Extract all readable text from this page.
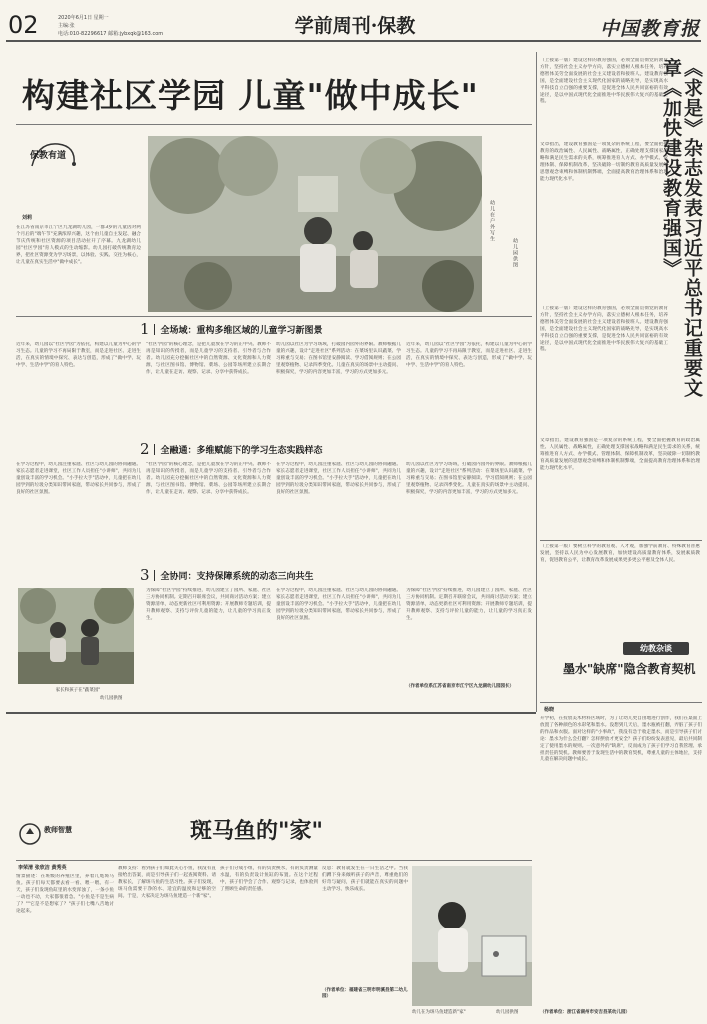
02	2020年6月1日 星期一
主编:张
电话:010-82296617 邮箱:jybxqk@163.com	学前周刊·保教	中国教育报
构建社区学园 儿童"做中成长"
保教有道
刘莉
在江苏省南京市江宁区九龙湖幼儿园，一群3岁的儿童因对两个月后的"端午节"充满浓厚兴趣，这个由儿童自主发起、融合节庆传统和社区资源的项目活动拉开了序幕。九龙湖幼儿园"社区学园"育人模式的生动缩影。幼儿园打破传统教育边界，把社区资源变为学习场景，以体验、实践、交往为核心，让儿童在真实生活中"做中成长"。
幼儿在户外写生
幼儿园供图
1 全场域：重构多维区域的儿童学习新图景
近年来，幼儿园以"社区学园"为依托，构建以儿童为中心的学习生态。儿童的学习不再局限于教室，而是走进社区、走进生活，在真实的情境中探究、表达与创造，形成了"做中学、玩中学、生活中学"的育人特色。
"社区学园"的核心理念，是把儿童放在学习的正中央。教师不再是知识的传授者，而是儿童学习的支持者、引导者与合作者。幼儿园充分挖掘社区中的自然资源、文化资源和人力资源，与社区图书馆、博物馆、菜场、公园等场所建立长期合作，让儿童在走访、观察、记录、分享中获得成长。
幼儿园以社区为学习场域，打破园内园外的界限。教师根据儿童的兴趣，设计"走进社区"系列活动：在菜场里认识蔬菜、学习称重与交易；在图书馆里安静阅读、学习借阅规则；在公园里观察植物、记录四季变化。儿童在真实的场景中主动提问、积极探究，学习的内容更加丰富，学习的方式更加多元。
近年来，幼儿园以"社区学园"为依托，构建以儿童为中心的学习生态。儿童的学习不再局限于教室，而是走进社区、走进生活，在真实的情境中探究、表达与创造，形成了"做中学、玩中学、生活中学"的育人特色。
2 全融通：多维赋能下的学习生态实践样态
在学习过程中，幼儿园注重家庭、社区与幼儿园的协同融通。家长志愿者走进课堂，社区工作人员担任"小讲师"，共同为儿童创设丰富的学习机会。"小手拉大手"活动中，儿童把在幼儿园学到的垃圾分类知识带回家庭，带动家长共同参与，形成了良好的社区氛围。
"社区学园"的核心理念，是把儿童放在学习的正中央。教师不再是知识的传授者，而是儿童学习的支持者、引导者与合作者。幼儿园充分挖掘社区中的自然资源、文化资源和人力资源，与社区图书馆、博物馆、菜场、公园等场所建立长期合作，让儿童在走访、观察、记录、分享中获得成长。
在学习过程中，幼儿园注重家庭、社区与幼儿园的协同融通。家长志愿者走进课堂，社区工作人员担任"小讲师"，共同为儿童创设丰富的学习机会。"小手拉大手"活动中，儿童把在幼儿园学到的垃圾分类知识带回家庭，带动家长共同参与，形成了良好的社区氛围。
幼儿园以社区为学习场域，打破园内园外的界限。教师根据儿童的兴趣，设计"走进社区"系列活动：在菜场里认识蔬菜、学习称重与交易；在图书馆里安静阅读、学习借阅规则；在公园里观察植物、记录四季变化。儿童在真实的场景中主动提问、积极探究，学习的内容更加丰富，学习的方式更加多元。
3 全协同：支持保障系统的动态三向共生
家长和孩子在"蔬菜园"
幼儿园供图
为保障"社区学园"持续推进，幼儿园建立了园所、家庭、社区三方协同机制。定期召开联席会议，共同商讨活动方案；建立资源清单，动态更新社区可利用资源；开展教师专题培训，提升教师观察、支持与评价儿童的能力，让儿童的学习真正发生。
在学习过程中，幼儿园注重家庭、社区与幼儿园的协同融通。家长志愿者走进课堂，社区工作人员担任"小讲师"，共同为儿童创设丰富的学习机会。"小手拉大手"活动中，儿童把在幼儿园学到的垃圾分类知识带回家庭，带动家长共同参与，形成了良好的社区氛围。
为保障"社区学园"持续推进，幼儿园建立了园所、家庭、社区三方协同机制。定期召开联席会议，共同商讨活动方案；建立资源清单，动态更新社区可利用资源；开展教师专题培训，提升教师观察、支持与评价儿童的能力，让儿童的学习真正发生。
（作者单位系江苏省南京市江宁区九龙湖幼儿园园长）
（上接第一版）建设这样的教育强国，必须全面贯彻党的教育方针，坚持社会主义办学方向，落实立德树人根本任务，培养德智体美劳全面发展的社会主义建设者和接班人。建设教育强国，是全面建设社会主义现代化国家的战略先导，是实现高水平科技自立自强的重要支撑，是促进全体人民共同富裕的有效途径，是以中国式现代化全面推进中华民族伟大复兴的基础工程。	《求是》杂志发表习近平总书记重要文章《加快建设教育强国》
文章指出，建设教育强国是一项复杂的系统工程，要全面把握教育的政治属性、人民属性、战略属性，正确处理支撑国家战略和满足民生需求的关系，统筹推进育人方式、办学模式、管理体制、保障机制改革，坚决破除一切制约教育高质量发展的思想观念束缚和体制机制弊端，全面提高教育治理体系和治理能力现代化水平。
（上接第一版）建设这样的教育强国，必须全面贯彻党的教育方针，坚持社会主义办学方向，落实立德树人根本任务，培养德智体美劳全面发展的社会主义建设者和接班人。建设教育强国，是全面建设社会主义现代化国家的战略先导，是实现高水平科技自立自强的重要支撑，是促进全体人民共同富裕的有效途径，是以中国式现代化全面推进中华民族伟大复兴的基础工程。
文章指出，建设教育强国是一项复杂的系统工程，要全面把握教育的政治属性、人民属性、战略属性，正确处理支撑国家战略和满足民生需求的关系，统筹推进育人方式、办学模式、管理体制、保障机制改革，坚决破除一切制约教育高质量发展的思想观念束缚和体制机制弊端，全面提高教育治理体系和治理能力现代化水平。
（上接第一版）要树立科学的教育观、人才观，加强学前教育、特殊教育普惠发展，坚持以人民为中心发展教育，加快建设高质量教育体系，发展素质教育，促进教育公平，让教育改革发展成果更多更公平惠及全体人民。
幼教杂谈
墨水"缺席"隐含教育契机
杨晓
开学初，在投放美术材料区域时，为了让幼儿更自由地进行创作，我们在桌面上放置了各种颜色的水彩笔和墨水。没想到几天后，墨水瓶被打翻，弄脏了孩子们的作品和衣服。面对这样的"小事故"，我没有急于收走墨水，而是引导孩子们讨论：墨水为什么会打翻？怎样摆放才更安全？孩子们纷纷发表意见，最后共同制定了使用墨水的规则。一次意外的"缺席"，反而成为了孩子们学习自我管理、承担责任的契机。教师要善于发现生活中的教育契机，尊重儿童的主体地位，支持儿童在解决问题中成长。
（作者单位：浙江省湖州市安吉县某幼儿园）
教师智慧	斑马鱼的"家"
李荣清 张欣洁 黄秀英
情景描述：在班级的养殖区里，养着几尾斑马鱼。孩子们每天都要去看一看、喂一喂。有一天，孩子们发现鱼缸里的水变浑浊了，一条小鱼一动也不动，大家都很着急。"小鱼是不是生病了？""它是不是想家了？"孩子们七嘴八舌地讨论起来。
教师支持：看到孩子们如此关心小鱼，我没有直接给出答案，而是引导孩子们一起查阅资料、请教家长，了解斑马鱼的生活习性。孩子们发现，斑马鱼需要干净的水、适宜的温度和足够的空间。于是，大家决定为斑马鱼建造一个新"家"。
孩子们分成小组，有的负责换水，有的负责测量水温，有的负责设计鱼缸的布置。在这个过程中，孩子们学会了合作、观察与记录，也体验到了照顾生命的责任感。
反思：教育就发生在一日生活之中。当我们蹲下身来倾听孩子的声音，尊重他们的好奇与疑问，孩子们就能在真实的问题中主动学习、快乐成长。
（作者单位：福建省三明市明溪县第二幼儿园）
幼儿在为斑马鱼建造新"家"	幼儿园供图
